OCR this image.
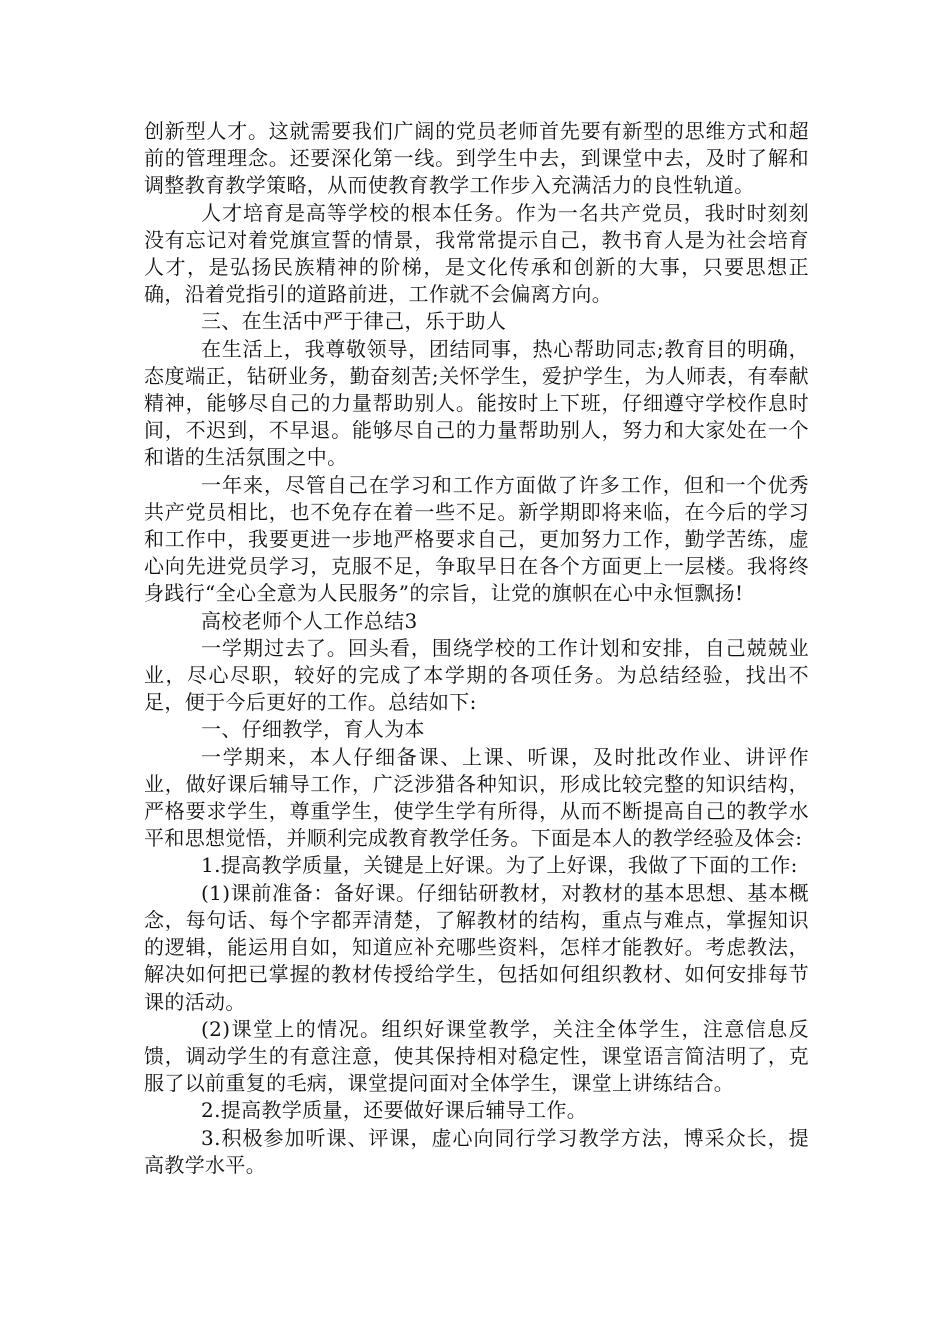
创新型人才。这就需要我们广阔的党员老师首先要有新型的思维方式和超前的管理理念。还要深化第一线。到学生中去，到课堂中去，及时了解和调整教育教学策略，从而使教育教学工作步入充满活力的良性轨道。

人才培育是高等学校的根本任务。作为一名共产党员，我时时刻刻没有忘记对着党旗宣誓的情景，我常常提示自己，教书育人是为社会培育人才，是弘扬民族精神的阶梯，是文化传承和创新的大事，只要思想正确，沿着党指引的道路前进，工作就不会偏离方向。

三、在生活中严于律己，乐于助人

在生活上，我尊敬领导，团结同事，热心帮助同志;教育目的明确，态度端正，钻研业务，勤奋刻苦;关怀学生，爱护学生，为人师表，有奉献精神，能够尽自己的力量帮助别人。能按时上下班，仔细遵守学校作息时间，不迟到，不早退。能够尽自己的力量帮助别人，努力和大家处在一个和谐的生活氛围之中。

一年来，尽管自己在学习和工作方面做了许多工作，但和一个优秀共产党员相比，也不免存在着一些不足。新学期即将来临，在今后的学习和工作中，我要更进一步地严格要求自己，更加努力工作，勤学苦练，虚心向先进党员学习，克服不足，争取早日在各个方面更上一层楼。我将终身践行“全心全意为人民服务”的宗旨，让党的旗帜在心中永恒飘扬!

高校老师个人工作总结3

一学期过去了。回头看，围绕学校的工作计划和安排，自己兢兢业业，尽心尽职，较好的完成了本学期的各项任务。为总结经验，找出不足，便于今后更好的工作。总结如下:

一、仔细教学，育人为本

一学期来，本人仔细备课、上课、听课，及时批改作业、讲评作业，做好课后辅导工作，广泛涉猎各种知识，形成比较完整的知识结构，严格要求学生，尊重学生，使学生学有所得，从而不断提高自己的教学水平和思想觉悟，并顺利完成教育教学任务。下面是本人的教学经验及体会:

1.提高教学质量，关键是上好课。为了上好课，我做了下面的工作:

(1)课前准备：备好课。仔细钻研教材，对教材的基本思想、基本概念，每句话、每个字都弄清楚，了解教材的结构，重点与难点，掌握知识的逻辑，能运用自如，知道应补充哪些资料，怎样才能教好。考虑教法，解决如何把已掌握的教材传授给学生，包括如何组织教材、如何安排每节课的活动。

(2)课堂上的情况。组织好课堂教学，关注全体学生，注意信息反馈，调动学生的有意注意，使其保持相对稳定性，课堂语言简洁明了，克服了以前重复的毛病，课堂提问面对全体学生，课堂上讲练结合。

2.提高教学质量，还要做好课后辅导工作。

3.积极参加听课、评课，虚心向同行学习教学方法，博采众长，提高教学水平。
